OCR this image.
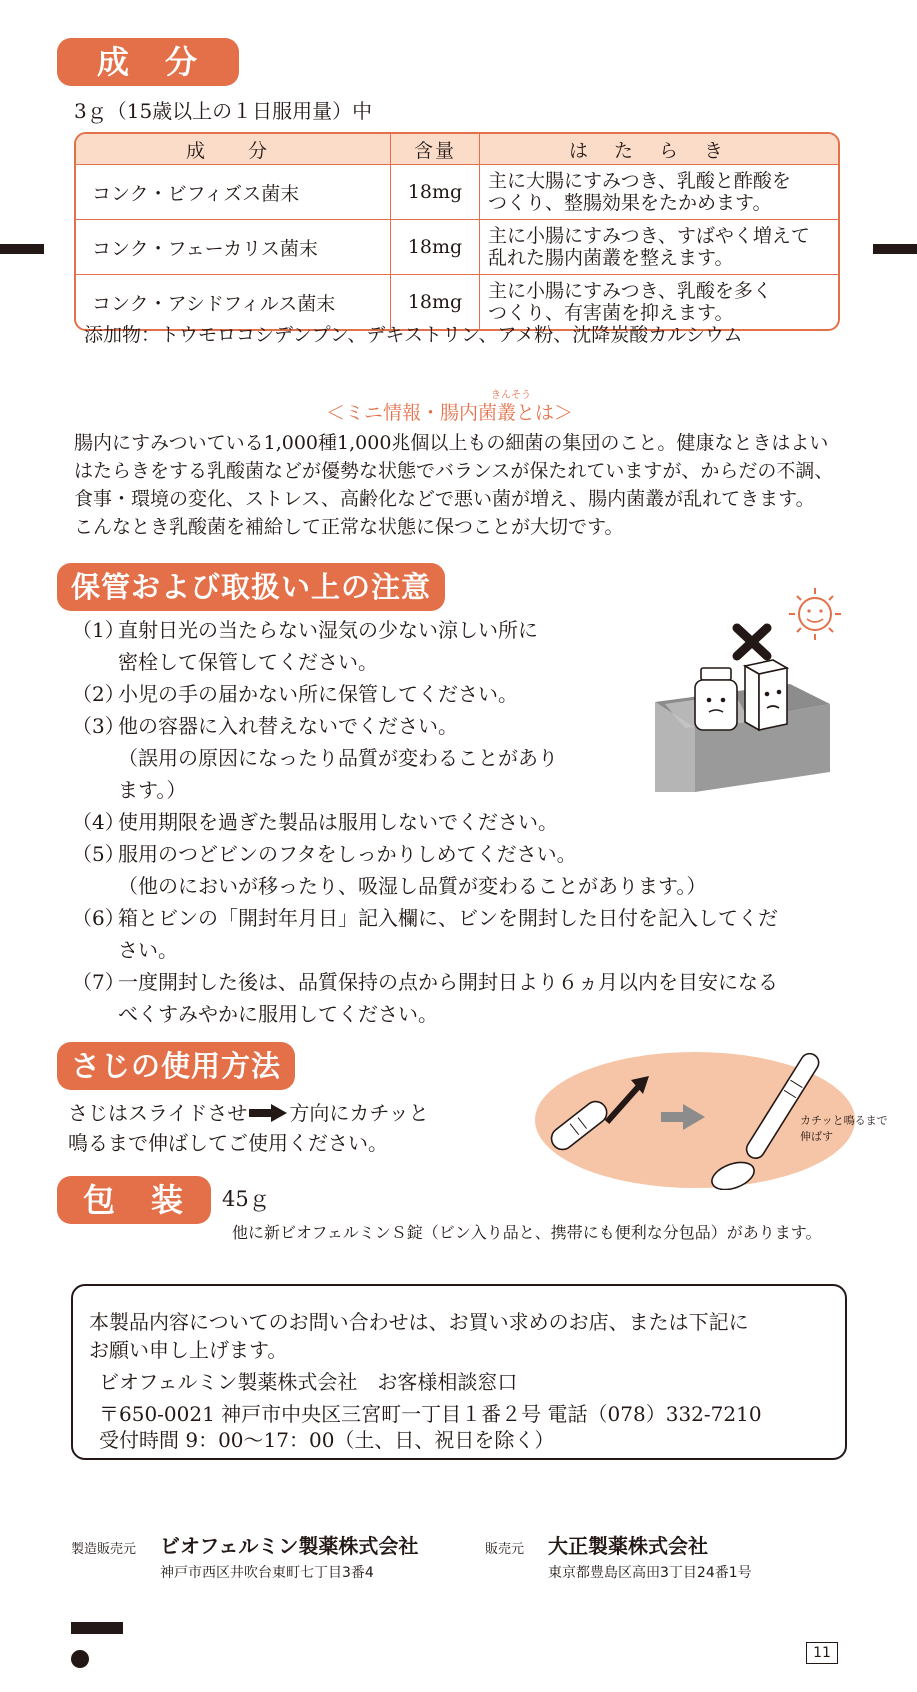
成　分
3ｇ（15歳以上の１日服用量）中
成　分	含量	はたらき
コンク・ビフィズス菌末	18mg	主に大腸にすみつき、乳酸と酢酸を
つくり、整腸効果をたかめます。
コンク・フェーカリス菌末	18mg	主に小腸にすみつき、すばやく増えて
乱れた腸内菌叢を整えます。
コンク・アシドフィルス菌末	18mg	主に小腸にすみつき、乳酸を多く
つくり、有害菌を抑えます。
添加物：トウモロコシデンプン、デキストリン、アメ粉、沈降炭酸カルシウム
きんそう
＜ミニ情報・腸内菌叢とは＞
腸内にすみついている1,000種1,000兆個以上もの細菌の集団のこと。健康なときはよい
はたらきをする乳酸菌などが優勢な状態でバランスが保たれていますが、からだの不調、
食事・環境の変化、ストレス、高齢化などで悪い菌が増え、腸内菌叢が乱れてきます。
こんなとき乳酸菌を補給して正常な状態に保つことが大切です。
保管および取扱い上の注意
（1）直射日光の当たらない湿気の少ない涼しい所に
密栓して保管してください。
（2）小児の手の届かない所に保管してください。
（3）他の容器に入れ替えないでください。
（誤用の原因になったり品質が変わることがあり
ます。）
（4）使用期限を過ぎた製品は服用しないでください。
（5）服用のつどビンのフタをしっかりしめてください。
（他のにおいが移ったり、吸湿し品質が変わることがあります。）
（6）箱とビンの「開封年月日」記入欄に、ビンを開封した日付を記入してくだ
さい。
（7）一度開封した後は、品質保持の点から開封日より６ヵ月以内を目安になる
べくすみやかに服用してください。
さじの使用方法
さじはスライドさせ 方向にカチッと
鳴るまで伸ばしてご使用ください。
カチッと鳴るまで
伸ばす
包　装	45ｇ
他に新ビオフェルミンＳ錠（ビン入り品と、携帯にも便利な分包品）があります。
本製品内容についてのお問い合わせは、お買い求めのお店、または下記に
お願い申し上げます。
ビオフェルミン製薬株式会社　お客様相談窓口
〒650-0021 神戸市中央区三宮町一丁目１番２号 電話（078）332-7210
受付時間 9：00～17：00（土、日、祝日を除く）
製造販売元 ビオフェルミン製薬株式会社
神戸市西区井吹台東町七丁目3番4
販売元 大正製薬株式会社
東京都豊島区高田3丁目24番1号
11
